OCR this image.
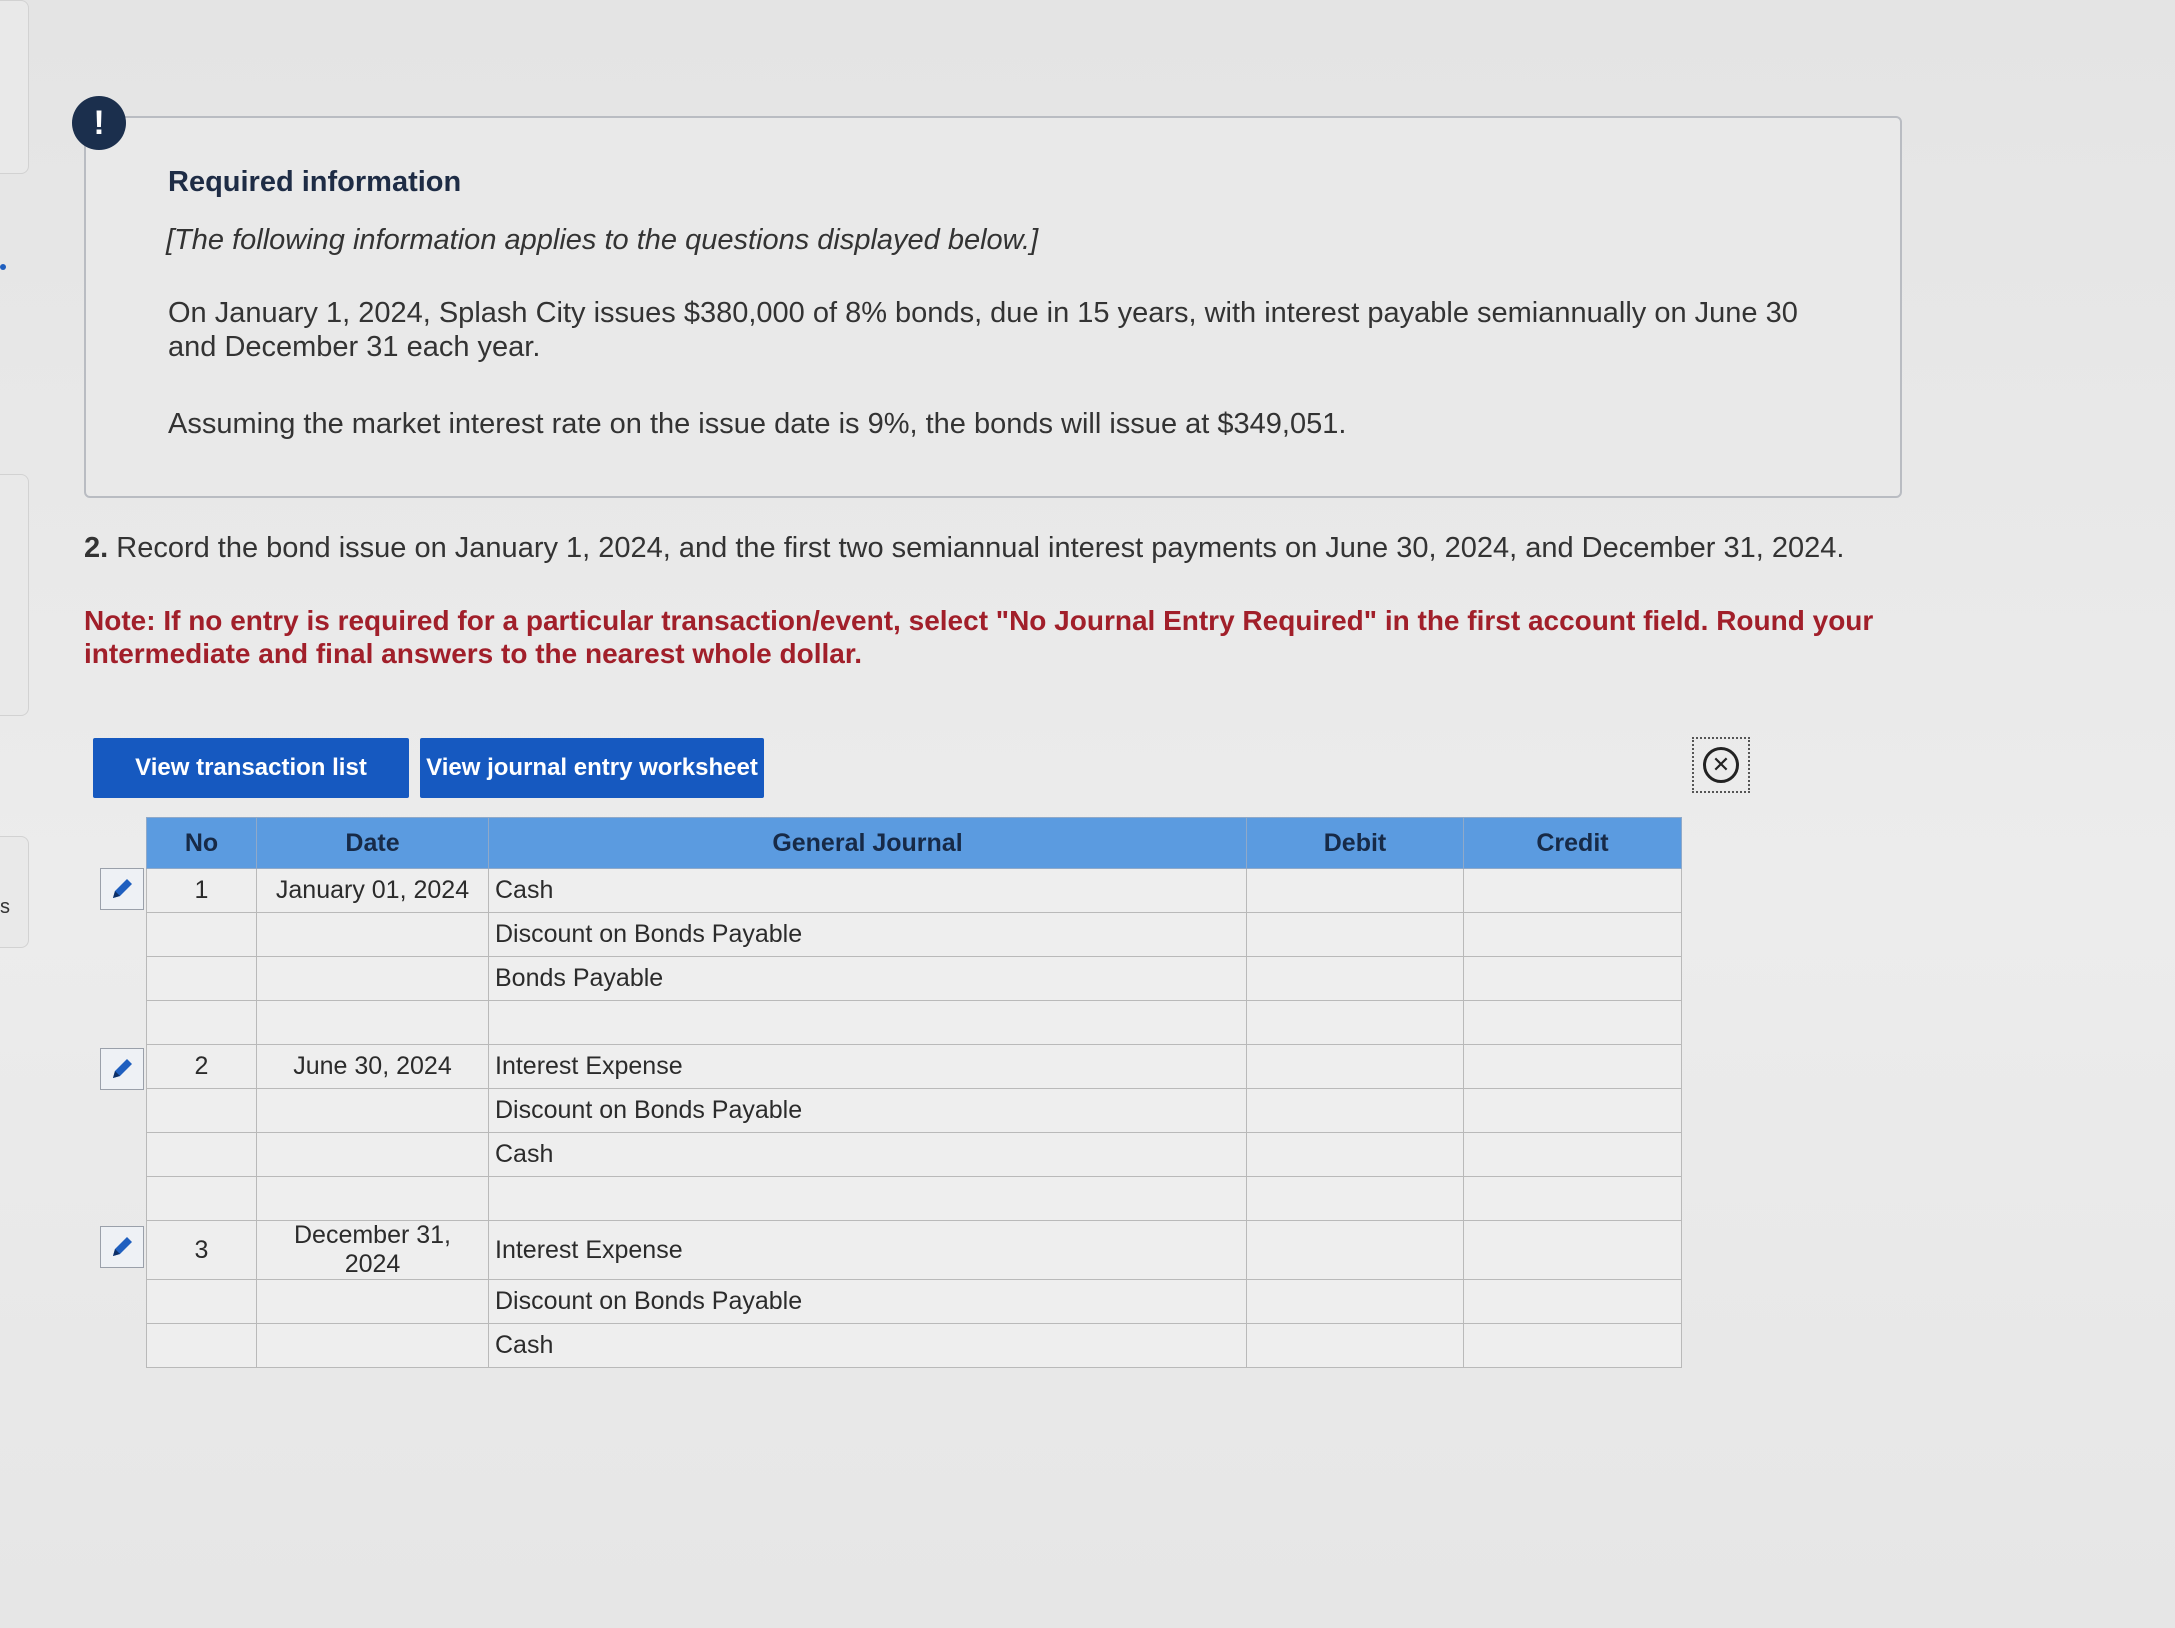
s
!
Required information
[The following information applies to the questions displayed below.]
On January 1, 2024, Splash City issues $380,000 of 8% bonds, due in 15 years, with interest payable semiannually on June 30 and December 31 each year.
Assuming the market interest rate on the issue date is 9%, the bonds will issue at $349,051.
2. Record the bond issue on January 1, 2024, and the first two semiannual interest payments on June 30, 2024, and December 31, 2024.
Note: If no entry is required for a particular transaction/event, select "No Journal Entry Required" in the first account field. Round your intermediate and final answers to the nearest whole dollar.
View transaction list	View journal entry worksheet	✕
No	Date	General Journal	Debit	Credit
1	January 01, 2024	Cash		
		Discount on Bonds Payable		
		Bonds Payable		

2	June 30, 2024	Interest Expense		
		Discount on Bonds Payable		
		Cash		

3	December 31, 2024	Interest Expense		
		Discount on Bonds Payable		
		Cash		
